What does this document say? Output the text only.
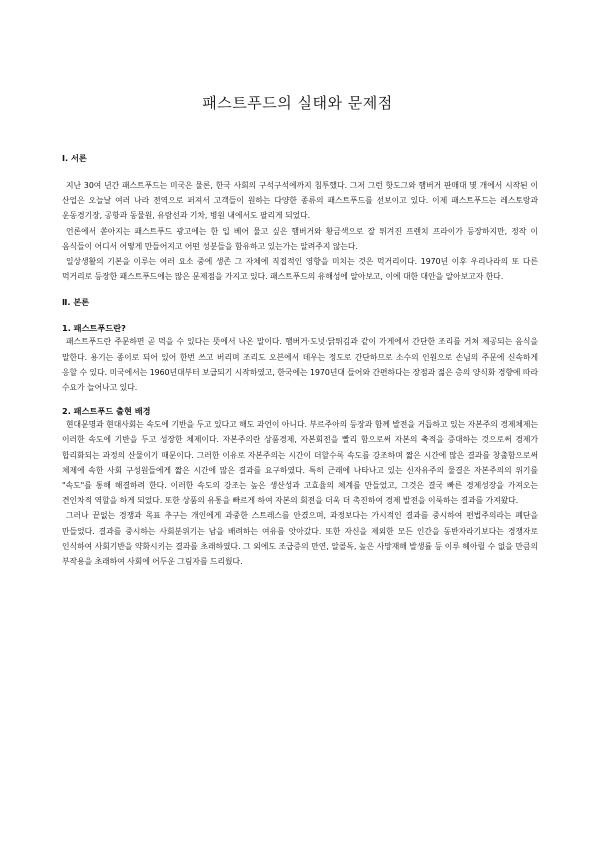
패스트푸드의 실태와 문제점
Ⅰ. 서론

지난 30여 년간 패스트푸드는 미국은 물론, 한국 사회의 구석구석에까지 침투했다. 그저 그런 핫도그와 햄버거 판매대 몇 개에서 시작된 이 산업은 오늘날 여러 나라 전역으로 퍼져서 고객들이 원하는 다양한 종류의 패스트푸드를 선보이고 있다. 이제 패스트푸드는 레스토랑과 운동경기장, 공항과 동물원, 유람선과 기차, 병원 내에서도 팔리게 되었다.

언론에서 쏟아지는 패스트푸드 광고에는 한 입 베어 물고 싶은 햄버거와 황금색으로 잘 튀겨진 프렌치 프라이가 등장하지만, 정작 이 음식들이 어디서 어떻게 만들어지고 어떤 성분들을 함유하고 있는가는 알려주지 않는다.

일상생활의 기본을 이루는 여러 요소 중에 생존 그 자체에 직접적인 영향을 미치는 것은 먹거리이다. 1970년 이후 우리나라의 또 다른 먹거리로 등장한 패스트푸드에는 많은 문제점을 가지고 있다. 패스트푸드의 유해성에 알아보고, 이에 대한 대안을 알아보고자 한다.

Ⅱ. 본론
1. 패스트푸드란?

패스트푸드란 주문하면 곧 먹을 수 있다는 뜻에서 나온 말이다. 햄버거·도넛·닭튀김과 같이 가게에서 간단한 조리를 거쳐 제공되는 음식을 말한다. 용기는 종이로 되어 있어 한번 쓰고 버리며 조리도 오븐에서 데우는 정도로 간단하므로 소수의 인원으로 손님의 주문에 신속하게 응할 수 있다. 미국에서는 1960년대부터 보급되기 시작하였고, 한국에는 1970년대 들어와 간편하다는 장점과 젊은 층의 양식화 경향에 따라 수요가 늘어나고 있다.

2. 패스트푸드 출현 배경

현대문명과 현대사회는 속도에 기반을 두고 있다고 해도 과언이 아니다. 부르주아의 등장과 함께 발전을 거듭하고 있는 자본주의 경제체제는 이러한 속도에 기반을 두고 성장한 체제이다. 자본주의란 상품경제, 자본회전을 빨리 함으로써 자본의 축적을 증대하는 것으로써 경제가 합리화되는 과정의 산물이기 때문이다. 그러한 이유로 자본주의는 시간이 더할수록 속도를 강조하며 짧은 시간에 많은 결과를 창출함으로써 체제에 속한 사회 구성원들에게 짧은 시간에 많은 결과를 요구하였다. 특히 근래에 나타나고 있는 신자유주의 물결은 자본주의의 위기를 "속도"를 통해 해결하려 한다. 이러한 속도의 강조는 높은 생산성과 고효율의 체계를 만들었고, 그것은 결국 빠른 경제성장을 가져오는 견인차적 역할을 하게 되었다. 또한 상품의 유통을 빠르게 하여 자본의 회전을 더욱 더 촉진하여 경제 발전을 이룩하는 결과를 가져왔다.

그러나 끝없는 경쟁과 목표 추구는 개인에게 과중한 스트레스를 안겼으며, 과정보다는 가시적인 결과를 중시하여 편법주의라는 폐단을 만들었다. 결과를 중시하는 사회분위기는 남을 배려하는 여유를 앗아갔다. 또한 자신을 제외한 모든 인간을 동반자라기보다는 경쟁자로 인식하여 사회기반을 약화시키는 결과를 초래하였다. 그 외에도 조급증의 만연, 알콜독, 높은 사망재해 발생률 등 이루 헤아릴 수 없을 만큼의 부작용을 초래하여 사회에 어두운 그림자를 드리웠다.
